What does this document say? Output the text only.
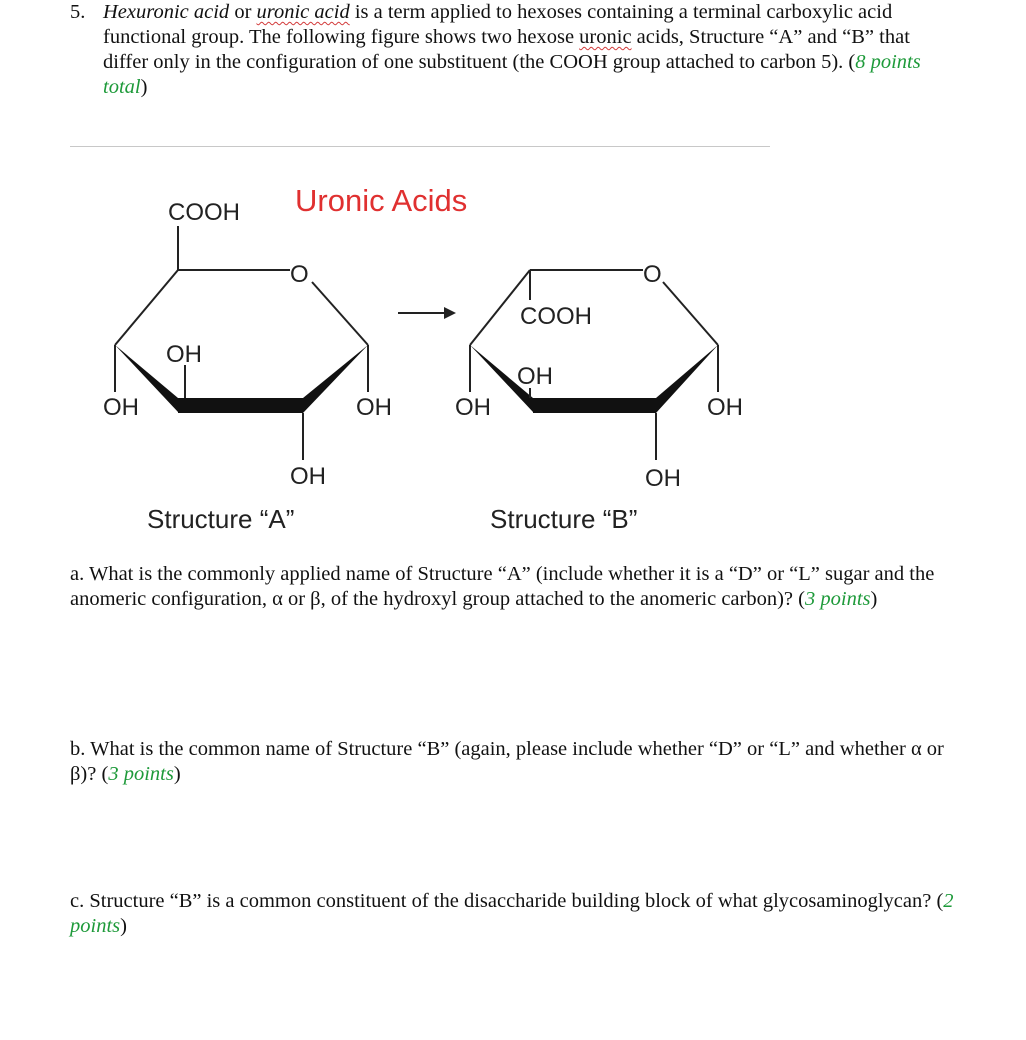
5. Hexuronic acid or uronic acid is a term applied to hexoses containing a terminal carboxylic acid functional group. The following figure shows two hexose uronic acids, Structure “A” and “B” that differ only in the configuration of one substituent (the COOH group attached to carbon 5). (8 points total)
Uronic Acids
COOH
O
OH
OH	OH
OH
Structure “A”
O
COOH
OH
OH	OH
OH
Structure “B”
a. What is the commonly applied name of Structure “A” (include whether it is a “D” or “L” sugar and the anomeric configuration, α or β, of the hydroxyl group attached to the anomeric carbon)? (3 points)
b. What is the common name of Structure “B” (again, please include whether “D” or “L” and whether α or β)? (3 points)
c. Structure “B” is a common constituent of the disaccharide building block of what glycosaminoglycan? (2 points)
